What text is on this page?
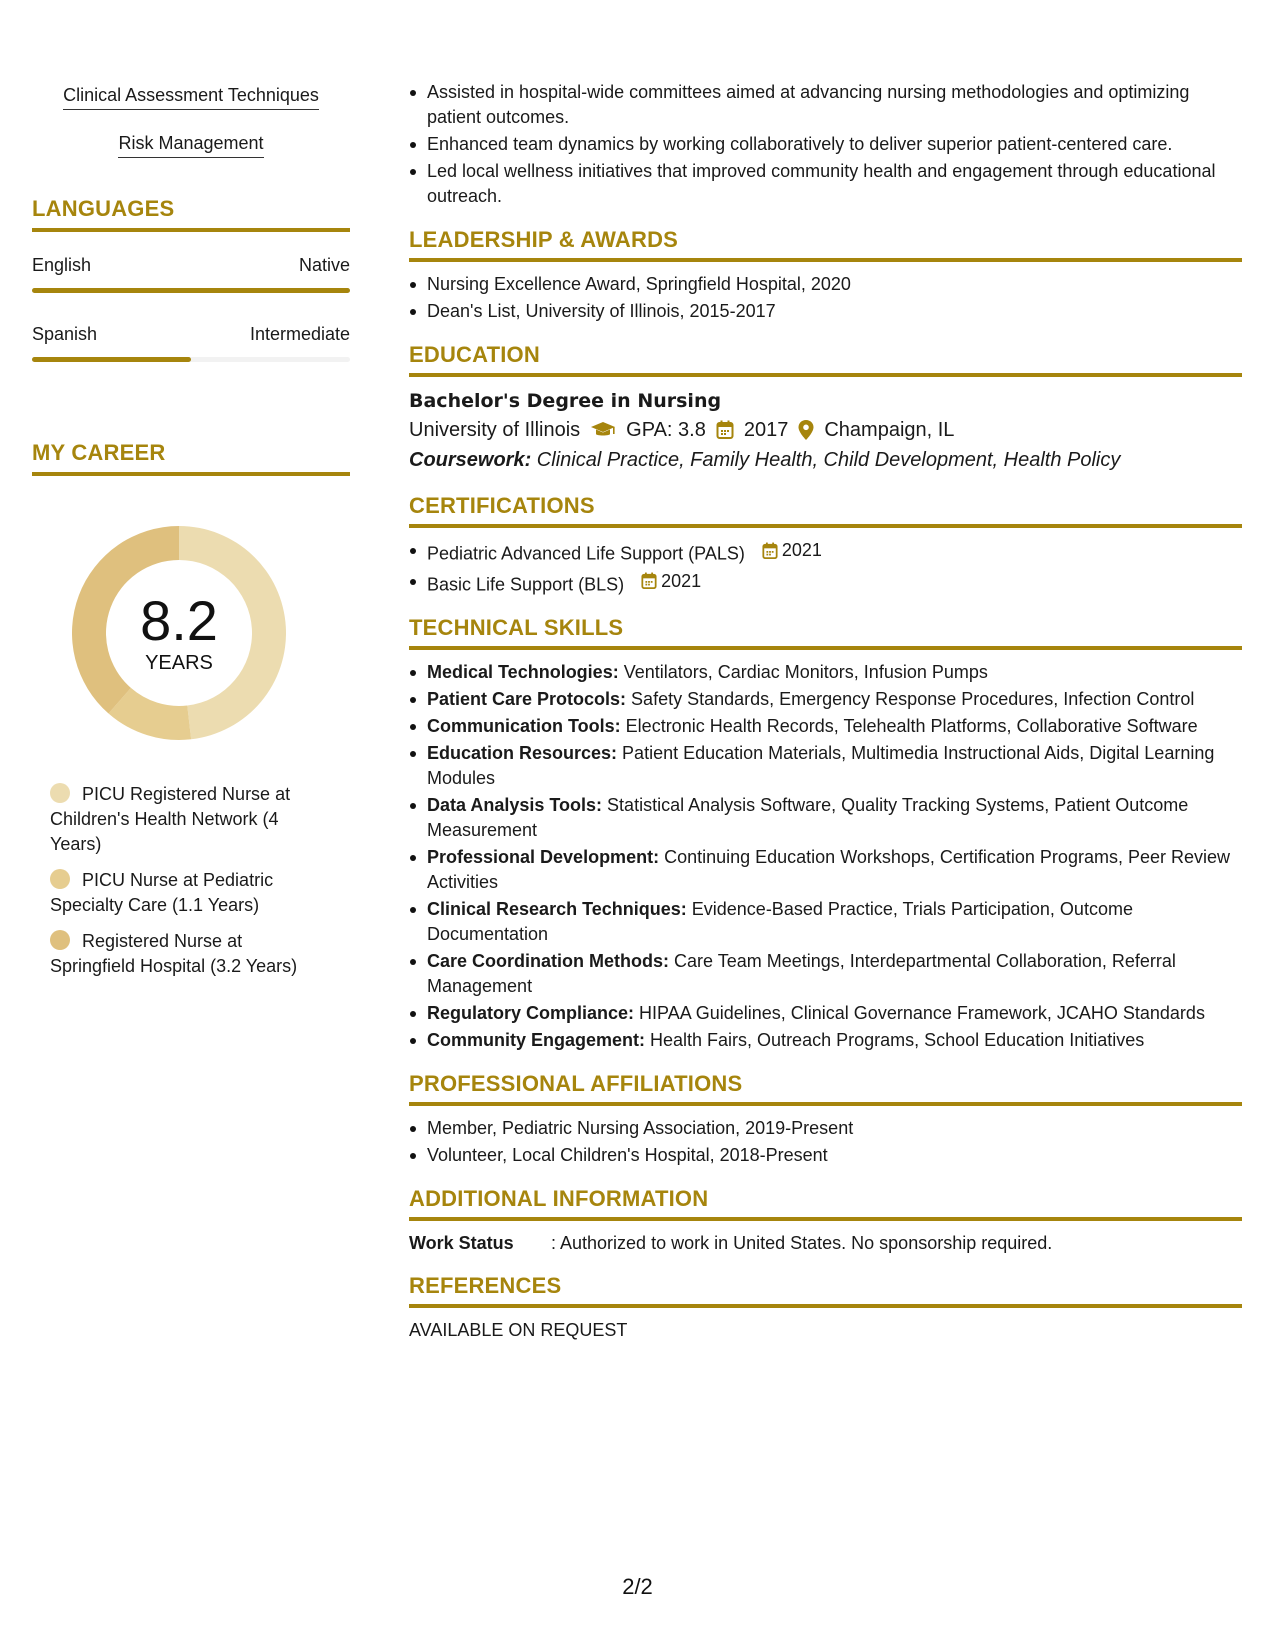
Clinical Assessment Techniques
Risk Management
LANGUAGES
English	Native
Spanish	Intermediate
MY CAREER
8.2
YEARS
PICU Registered Nurse at Children's Health Network (4 Years)
PICU Nurse at Pediatric Specialty Care (1.1 Years)
Registered Nurse at Springfield Hospital (3.2 Years)
Assisted in hospital-wide committees aimed at advancing nursing methodologies and optimizing patient outcomes.
Enhanced team dynamics by working collaboratively to deliver superior patient-centered care.
Led local wellness initiatives that improved community health and engagement through educational outreach.
LEADERSHIP & AWARDS
Nursing Excellence Award, Springfield Hospital, 2020
Dean's List, University of Illinois, 2015-2017
EDUCATION
Bachelor's Degree in Nursing
University of Illinois GPA: 3.8 2017 Champaign, IL
Coursework: Clinical Practice, Family Health, Child Development, Health Policy
CERTIFICATIONS
Pediatric Advanced Life Support (PALS) 2021
Basic Life Support (BLS) 2021
TECHNICAL SKILLS
Medical Technologies: Ventilators, Cardiac Monitors, Infusion Pumps
Patient Care Protocols: Safety Standards, Emergency Response Procedures, Infection Control
Communication Tools: Electronic Health Records, Telehealth Platforms, Collaborative Software
Education Resources: Patient Education Materials, Multimedia Instructional Aids, Digital Learning Modules
Data Analysis Tools: Statistical Analysis Software, Quality Tracking Systems, Patient Outcome Measurement
Professional Development: Continuing Education Workshops, Certification Programs, Peer Review Activities
Clinical Research Techniques: Evidence-Based Practice, Trials Participation, Outcome Documentation
Care Coordination Methods: Care Team Meetings, Interdepartmental Collaboration, Referral Management
Regulatory Compliance: HIPAA Guidelines, Clinical Governance Framework, JCAHO Standards
Community Engagement: Health Fairs, Outreach Programs, School Education Initiatives
PROFESSIONAL AFFILIATIONS
Member, Pediatric Nursing Association, 2019-Present
Volunteer, Local Children's Hospital, 2018-Present
ADDITIONAL INFORMATION
Work Status	: Authorized to work in United States. No sponsorship required.
REFERENCES
AVAILABLE ON REQUEST
2/2
